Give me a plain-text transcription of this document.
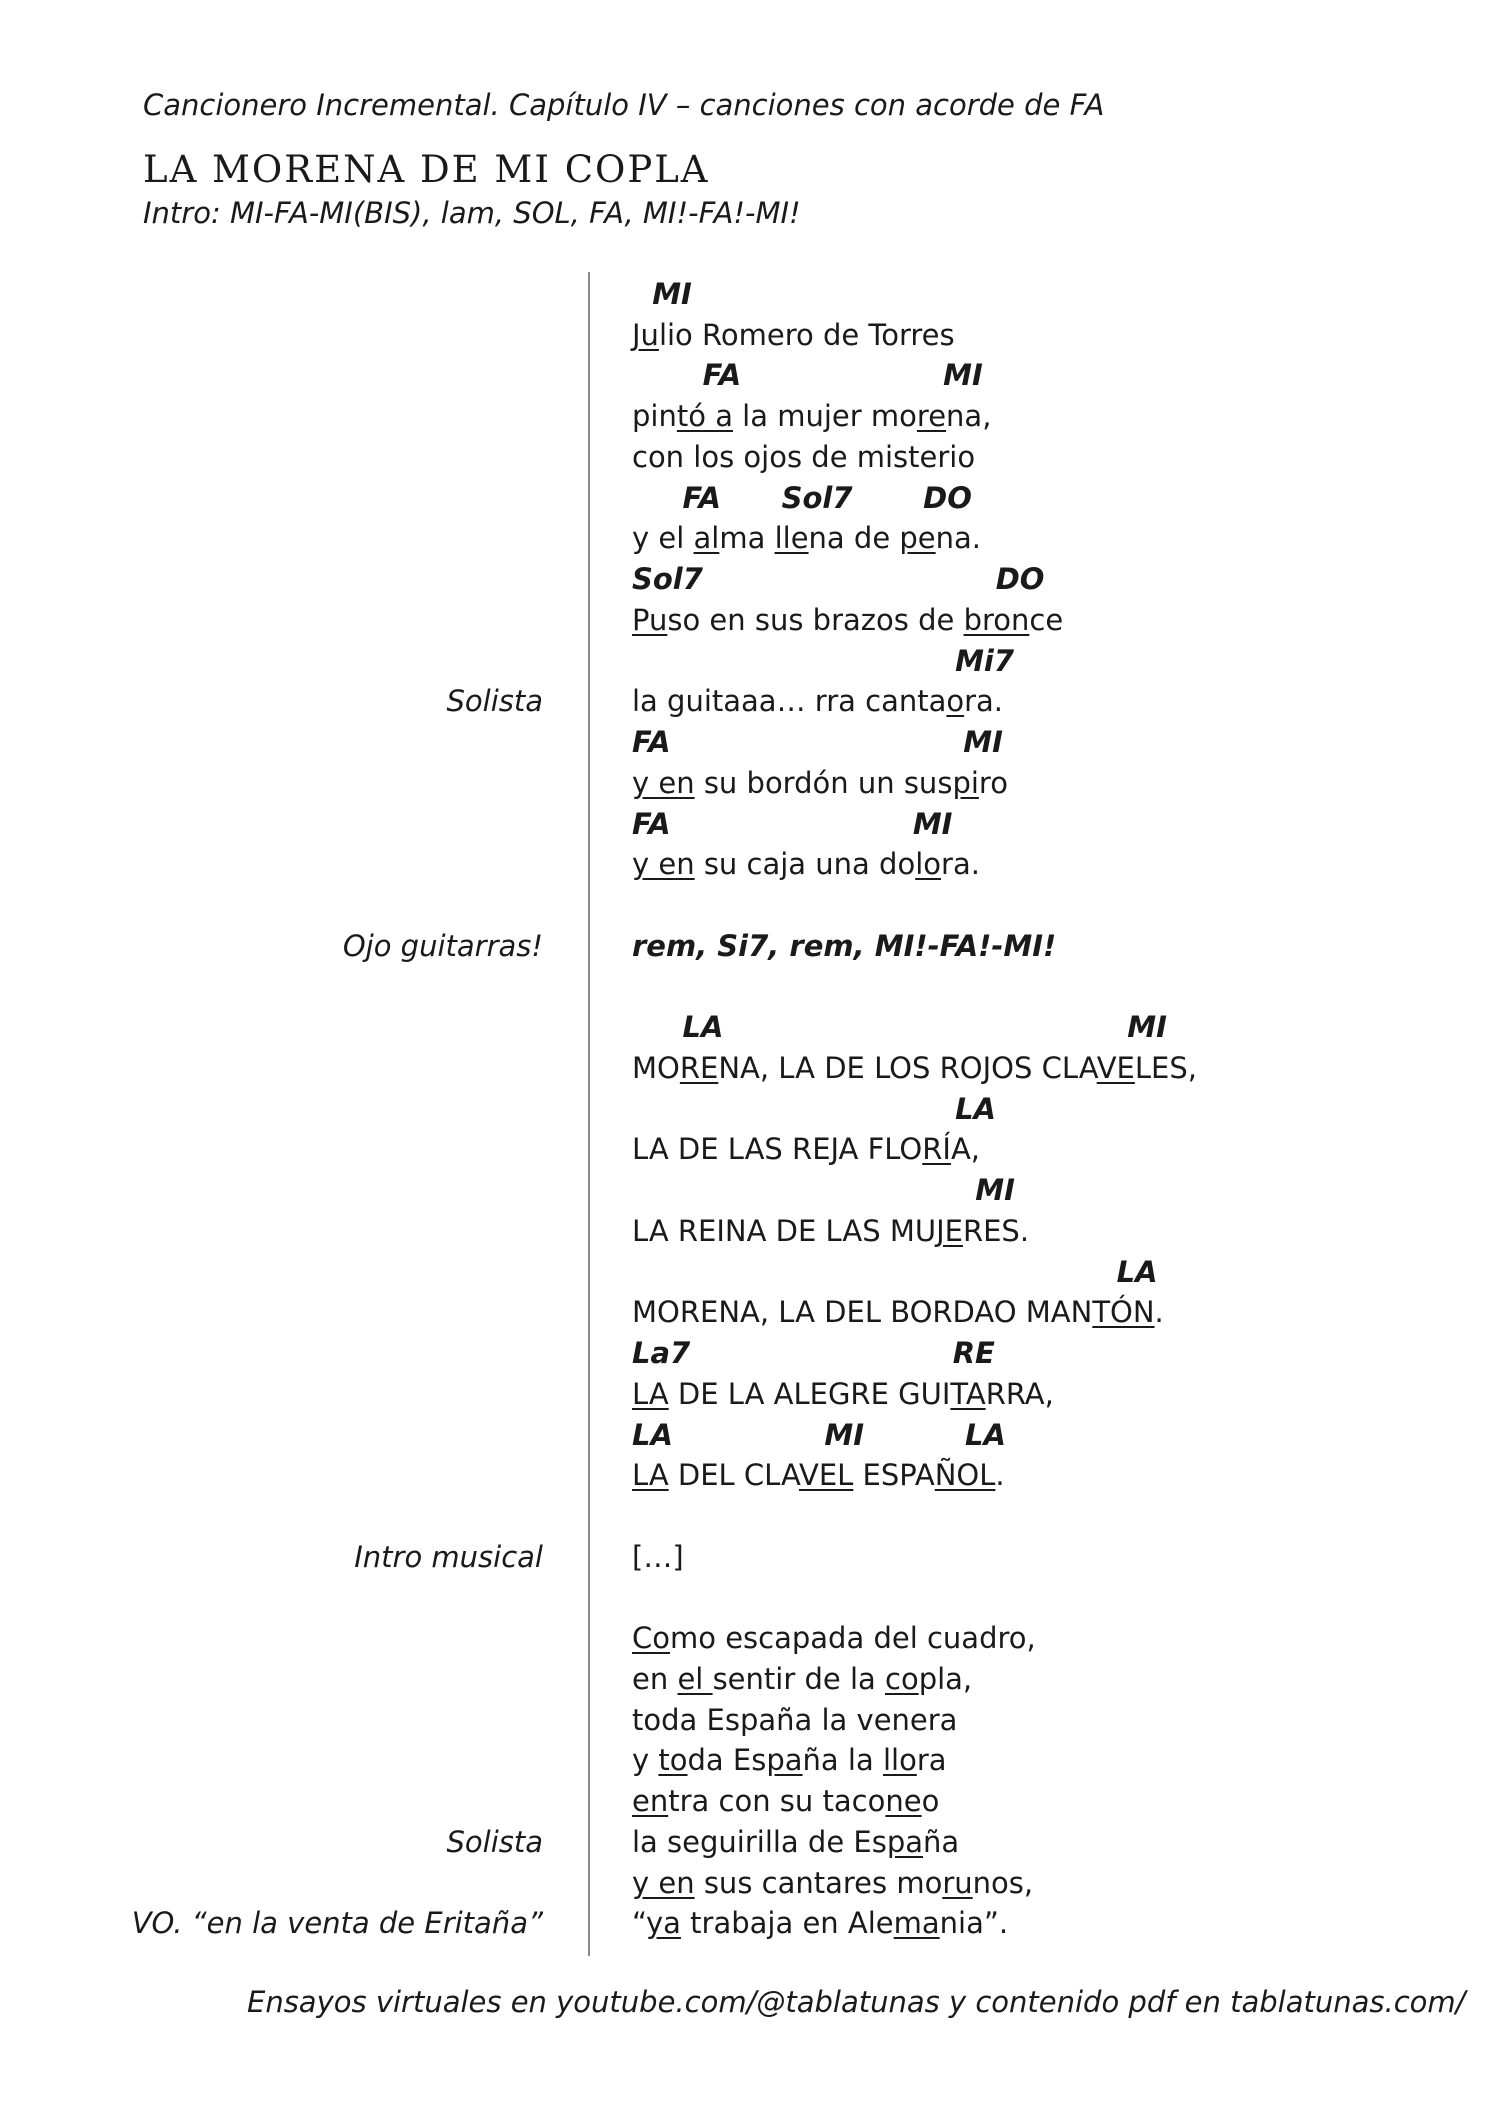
Cancionero Incremental. Capítulo IV – canciones con acorde de FA
LA MORENA DE MI COPLA
Intro: MI-FA-MI(BIS), lam, SOL, FA, MI!-FA!-MI!
Solista
Ojo guitarras!
Intro musical
Solista
VO. “en la venta de Eritaña”
MI
Julio Romero de Torres
FA                    MI
pintó a la mujer morena,
con los ojos de misterio
FA      Sol7       DO
y el alma llena de pena.
Sol7                             DO
Puso en sus brazos de bronce
Mi7
la guitaaa… rra cantaora.
FA                             MI
y en su bordón un suspiro
FA                        MI
y en su caja una dolora.
rem, Si7, rem, MI!-FA!-MI!
LA                                        MI
MORENA, LA DE LOS ROJOS CLAVELES,
LA
LA DE LAS REJA FLORÍA,
MI
LA REINA DE LAS MUJERES.
LA
MORENA, LA DEL BORDAO MANTÓN.
La7                          RE
LA DE LA ALEGRE GUITARRA,
LA               MI          LA
LA DEL CLAVEL ESPAÑOL.
[…]
Como escapada del cuadro,
en el sentir de la copla,
toda España la venera
y toda España la llora
entra con su taconeo
la seguirilla de España
y en sus cantares morunos,
“ya trabaja en Alemania”.
Ensayos virtuales en youtube.com/@tablatunas y contenido pdf en tablatunas.com/
